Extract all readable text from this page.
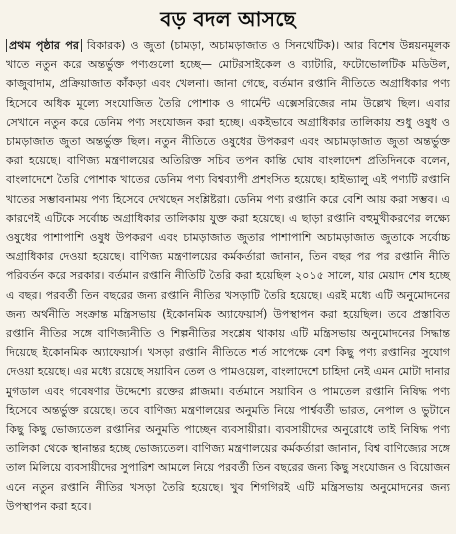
বড় বদল আসছে
প্রথম পৃষ্ঠার পর বিকারক) ও জুতা (চামড়া, অচামড়াজাত ও সিনথেটিক)। আর বিশেষ উন্নয়নমূলক খাতে নতুন করে অন্তর্ভুক্ত পণ্যগুলো হচ্ছে— মোটরসাইকেল ও ব্যাটারি, ফটোভোলটিক মডিউল, কাজুবাদাম, প্রক্রিয়াজাত কাঁকড়া এবং খেলনা। জানা গেছে, বর্তমান রপ্তানি নীতিতে অগ্রাধিকার পণ্য হিসেবে অধিক মূল্যে সংযোজিত তৈরি পোশাক ও গার্মেন্ট এক্সেসরিজের নাম উল্লেখ ছিল। এবার সেখানে নতুন করে ডেনিম পণ্য সংযোজন করা হচ্ছে। একইভাবে অগ্রাধিকার তালিকায় শুধু ওষুধ ও চামড়াজাত জুতা অন্তর্ভুক্ত ছিল। নতুন নীতিতে ওষুধের উপকরণ এবং অচামড়াজাত জুতা অন্তর্ভুক্ত করা হয়েছে। বাণিজ্য মন্ত্রণালয়ের অতিরিক্ত সচিব তপন কান্তি ঘোষ বাংলাদেশ প্রতিদিনকে বলেন, বাংলাদেশে তৈরি পোশাক খাতের ডেনিম পণ্য বিশ্বব্যাপী প্রশংসিত হয়েছে। হাইভ্যালু এই পণ্যটি রপ্তানি খাতের সম্ভাবনাময় পণ্য হিসেবে দেখছেন সংশ্লিষ্টরা। ডেনিম পণ্য রপ্তানি করে বেশি আয় করা সম্ভব। এ কারণেই এটিকে সর্বোচ্চ অগ্রাধিকার তালিকায় যুক্ত করা হয়েছে। এ ছাড়া রপ্তানি বহুমুখীকরণের লক্ষ্যে ওষুধের পাশাপাশি ওষুধ উপকরণ এবং চামড়াজাত জুতার পাশাপাশি অচামড়াজাত জুতাকে সর্বোচ্চ অগ্রাধিকার দেওয়া হয়েছে। বাণিজ্য মন্ত্রণালয়ের কর্মকর্তারা জানান, তিন বছর পর পর রপ্তানি নীতি পরিবর্তন করে সরকার। বর্তমান রপ্তানি নীতিটি তৈরি করা হয়েছিল ২০১৫ সালে, যার মেয়াদ শেষ হচ্ছে এ বছর। পরবর্তী তিন বছরের জন্য রপ্তানি নীতির খসড়াটি তৈরি হয়েছে। এরই মধ্যে এটি অনুমোদনের জন্য অর্থনীতি সংক্রান্ত মন্ত্রিসভায় (ইকোনমিক অ্যাফেয়ার্স) উপস্থাপন করা হয়েছিল। তবে প্রস্তাবিত রপ্তানি নীতির সঙ্গে বাণিজ্যনীতি ও শিল্পনীতির সংশ্লেষ থাকায় এটি মন্ত্রিসভায় অনুমোদনের সিদ্ধান্ত দিয়েছে ইকোনমিক অ্যাফেয়ার্স। খসড়া রপ্তানি নীতিতে শর্ত সাপেক্ষে বেশ কিছু পণ্য রপ্তানির সুযোগ দেওয়া হয়েছে। এর মধ্যে রয়েছে সয়াবিন তেল ও পামওয়েল, বাংলাদেশে চাহিদা নেই এমন মোটা দানার মুগডাল এবং গবেষণার উদ্দেশ্যে রক্তের প্লাজমা। বর্তমানে সয়াবিন ও পামতেল রপ্তানি নিষিদ্ধ পণ্য হিসেবে অন্তর্ভুক্ত রয়েছে। তবে বাণিজ্য মন্ত্রণালয়ের অনুমতি নিয়ে পার্শ্ববর্তী ভারত, নেপাল ও ভুটানে কিছু কিছু ভোজ্যতেল রপ্তানির অনুমতি পাচ্ছেন ব্যবসায়ীরা। ব্যবসায়ীদের অনুরোধে তাই নিষিদ্ধ পণ্য তালিকা থেকে স্থানান্তর হচ্ছে ভোজ্যতেল। বাণিজ্য মন্ত্রণালয়ের কর্মকর্তারা জানান, বিশ্ব বাণিজ্যের সঙ্গে তাল মিলিয়ে ব্যবসায়ীদের সুপারিশ আমলে নিয়ে পরবর্তী তিন বছরের জন্য কিছু সংযোজন ও বিয়োজন এনে নতুন রপ্তানি নীতির খসড়া তৈরি হয়েছে। খুব শিগগিরই এটি মন্ত্রিসভায় অনুমোদনের জন্য উপস্থাপন করা হবে।
